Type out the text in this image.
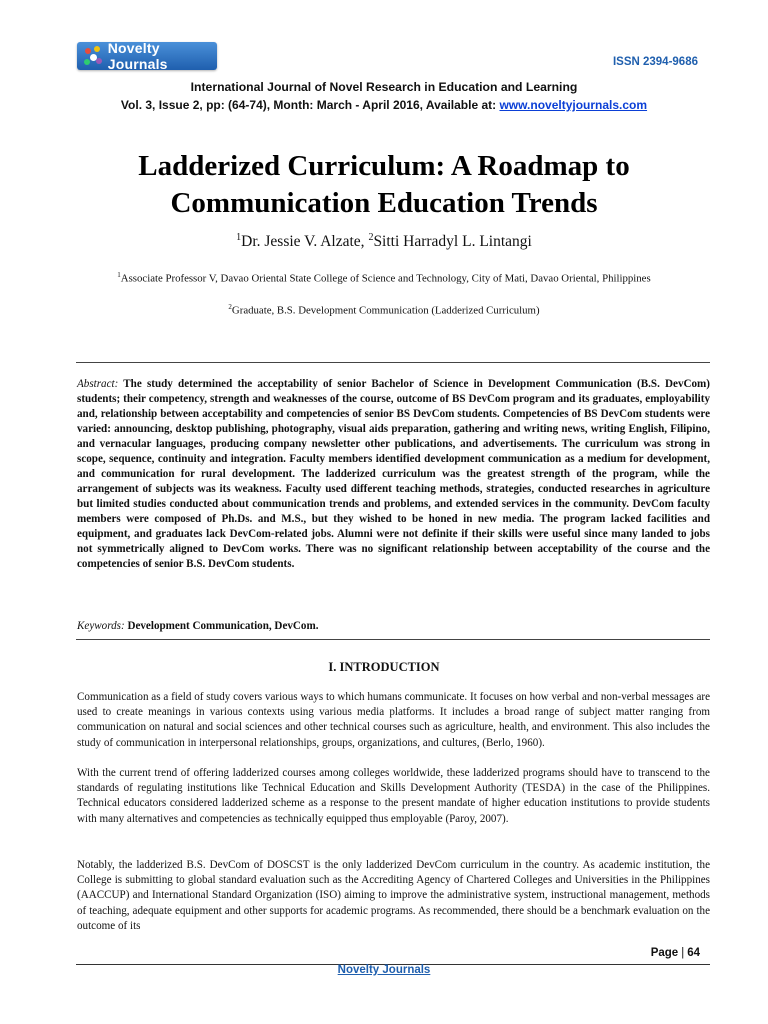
Novelty Journals	ISSN 2394-9686
International Journal of Novel Research in Education and Learning
Vol. 3, Issue 2, pp: (64-74), Month: March - April 2016, Available at: www.noveltyjournals.com
Ladderized Curriculum: A Roadmap to Communication Education Trends
$^1$Dr. Jessie V. Alzate, $^2$Sitti Harradyl L. Lintangi
$^1$Associate Professor V, Davao Oriental State College of Science and Technology, City of Mati, Davao Oriental, Philippines
$^2$Graduate, B.S. Development Communication (Ladderized Curriculum)
Abstract: The study determined the acceptability of senior Bachelor of Science in Development Communication (B.S. DevCom) students; their competency, strength and weaknesses of the course, outcome of BS DevCom program and its graduates, employability and, relationship between acceptability and competencies of senior BS DevCom students. Competencies of BS DevCom students were varied: announcing, desktop publishing, photography, visual aids preparation, gathering and writing news, writing English, Filipino, and vernacular languages, producing company newsletter other publications, and advertisements. The curriculum was strong in scope, sequence, continuity and integration. Faculty members identified development communication as a medium for development, and communication for rural development. The ladderized curriculum was the greatest strength of the program, while the arrangement of subjects was its weakness. Faculty used different teaching methods, strategies, conducted researches in agriculture but limited studies conducted about communication trends and problems, and extended services in the community. DevCom faculty members were composed of Ph.Ds. and M.S., but they wished to be honed in new media. The program lacked facilities and equipment, and graduates lack DevCom-related jobs. Alumni were not definite if their skills were useful since many landed to jobs not symmetrically aligned to DevCom works. There was no significant relationship between acceptability of the course and the competencies of senior B.S. DevCom students.
Keywords: Development Communication, DevCom.
I. INTRODUCTION
Communication as a field of study covers various ways to which humans communicate. It focuses on how verbal and non-verbal messages are used to create meanings in various contexts using various media platforms. It includes a broad range of subject matter ranging from communication on natural and social sciences and other technical courses such as agriculture, health, and environment. This also includes the study of communication in interpersonal relationships, groups, organizations, and cultures, (Berlo, 1960).
With the current trend of offering ladderized courses among colleges worldwide, these ladderized programs should have to transcend to the standards of regulating institutions like Technical Education and Skills Development Authority (TESDA) in the case of the Philippines. Technical educators considered ladderized scheme as a response to the present mandate of higher education institutions to provide students with many alternatives and competencies as technically equipped thus employable (Paroy, 2007).
Notably, the ladderized B.S. DevCom of DOSCST is the only ladderized DevCom curriculum in the country. As academic institution, the College is submitting to global standard evaluation such as the Accrediting Agency of Chartered Colleges and Universities in the Philippines (AACCUP) and International Standard Organization (ISO) aiming to improve the administrative system, instructional management, methods of teaching, adequate equipment and other supports for academic programs. As recommended, there should be a benchmark evaluation on the outcome of its
Page | 64
Novelty Journals
